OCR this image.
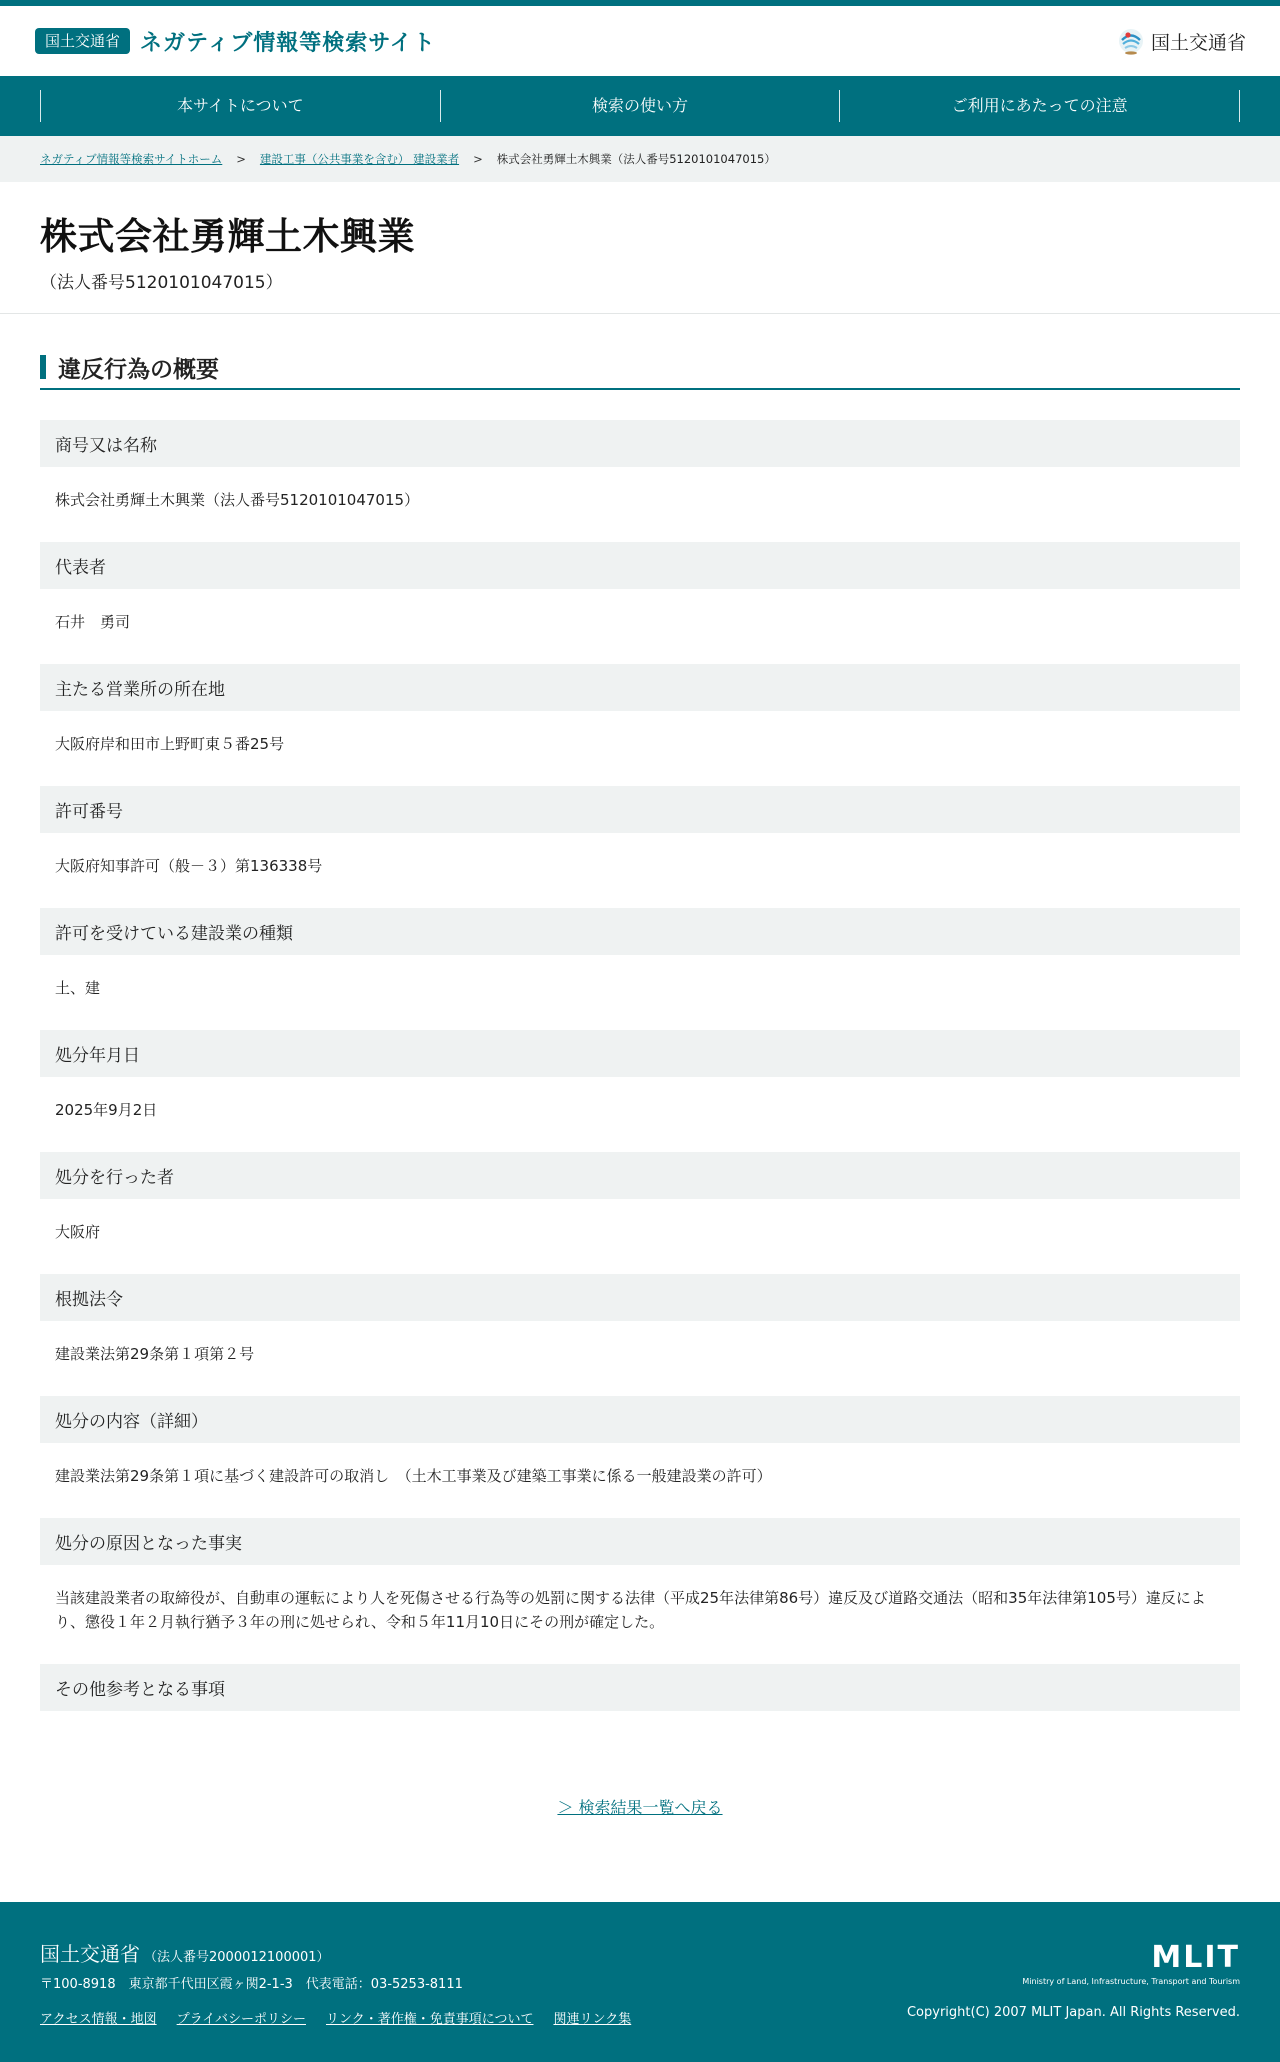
国土交通省 ネガティブ情報等検索サイト	国土交通省
本サイトについて	検索の使い方	ご利用にあたっての注意
ネガティブ情報等検索サイトホーム > 建設工事（公共事業を含む） 建設業者 > 株式会社勇輝土木興業（法人番号5120101047015）
株式会社勇輝土木興業
（法人番号5120101047015）
違反行為の概要
商号又は名称
株式会社勇輝土木興業（法人番号5120101047015）
代表者
石井　勇司
主たる営業所の所在地
大阪府岸和田市上野町東５番25号
許可番号
大阪府知事許可（般－３）第136338号
許可を受けている建設業の種類
土、建
処分年月日
2025年9月2日
処分を行った者
大阪府
根拠法令
建設業法第29条第１項第２号
処分の内容（詳細）
建設業法第29条第１項に基づく建設許可の取消し　（土木工事業及び建築工事業に係る一般建設業の許可）
処分の原因となった事実
当該建設業者の取締役が、自動車の運転により人を死傷させる行為等の処罰に関する法律（平成25年法律第86号）違反及び道路交通法（昭和35年法律第105号）違反により、懲役１年２月執行猶予３年の刑に処せられ、令和５年11月10日にその刑が確定した。
その他参考となる事項
＞ 検索結果一覧へ戻る
国土交通省 （法人番号2000012100001）
〒100-8918　東京都千代田区霞ヶ関2-1-3　代表電話：03-5253-8111
アクセス情報・地図 プライバシーポリシー リンク・著作権・免責事項について 関連リンク集
MLIT
Ministry of Land, Infrastructure, Transport and Tourism
Copyright(C) 2007 MLIT Japan. All Rights Reserved.
